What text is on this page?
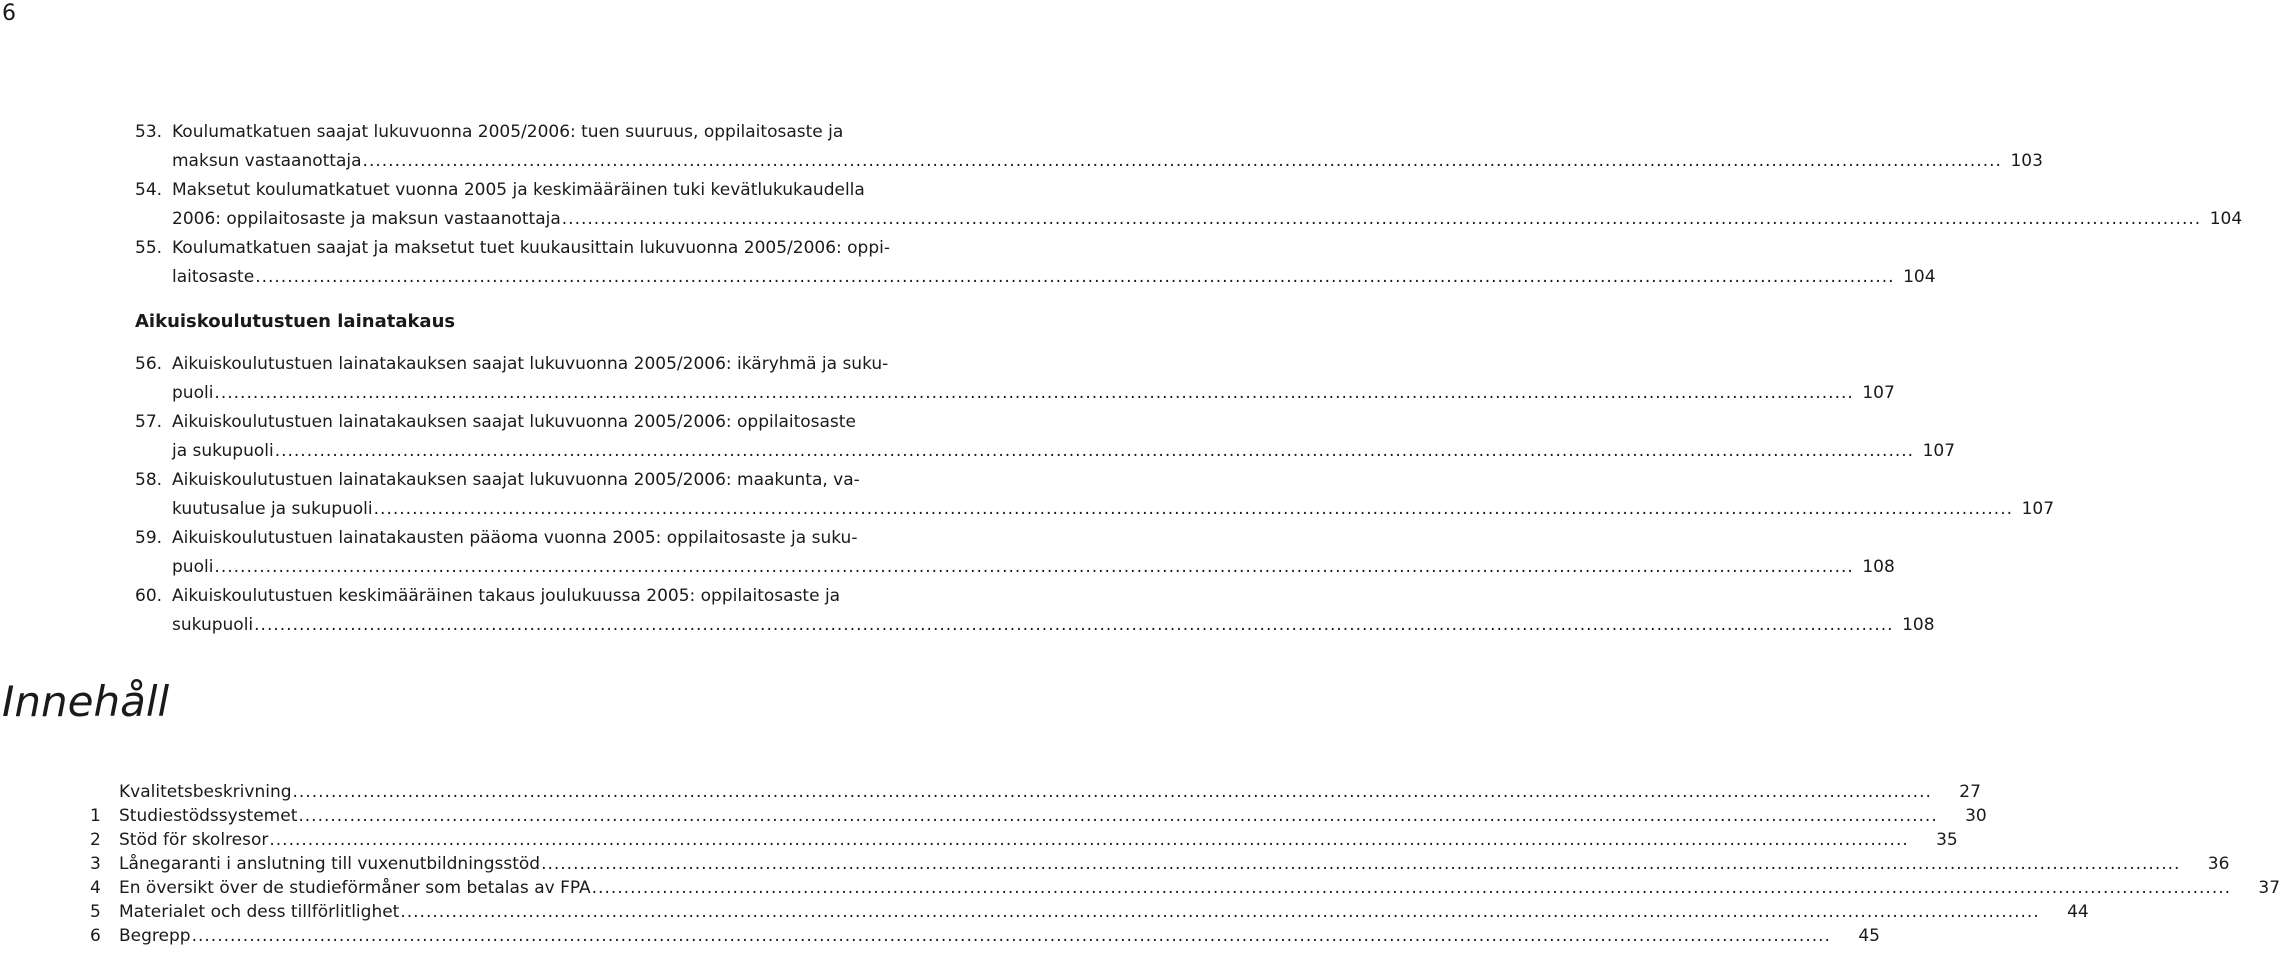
6
53. Koulumatkatuen saajat lukuvuonna 2005/2006: tuen suuruus, oppilaitosaste ja
maksun vastaanottaja .....	103
54. Maksetut koulumatkatuet vuonna 2005 ja keskimääräinen tuki kevätlukukaudella
2006: oppilaitosaste ja maksun vastaanottaja .....	104
55. Koulumatkatuen saajat ja maksetut tuet kuukausittain lukuvuonna 2005/2006: oppi-
laitosaste .....	104
Aikuiskoulutustuen lainatakaus
56. Aikuiskoulutustuen lainatakauksen saajat lukuvuonna 2005/2006: ikäryhmä ja suku-
puoli .....	107
57. Aikuiskoulutustuen lainatakauksen saajat lukuvuonna 2005/2006: oppilaitosaste
ja sukupuoli .....	107
58. Aikuiskoulutustuen lainatakauksen saajat lukuvuonna 2005/2006: maakunta, va-
kuutusalue ja sukupuoli .....	107
59. Aikuiskoulutustuen lainatakausten pääoma vuonna 2005: oppilaitosaste ja suku-
puoli .....	108
60. Aikuiskoulutustuen keskimääräinen takaus joulukuussa 2005: oppilaitosaste ja
sukupuoli .....	108
Innehåll
Kvalitetsbeskrivning .....	27
1	Studiestödssystemet .....	30
2	Stöd för skolresor .....	35
3	Lånegaranti i anslutning till vuxenutbildningsstöd .....	36
4	En översikt över de studieförmåner som betalas av FPA .....	37
5	Materialet och dess tillförlitlighet .....	44
6	Begrepp .....	45
